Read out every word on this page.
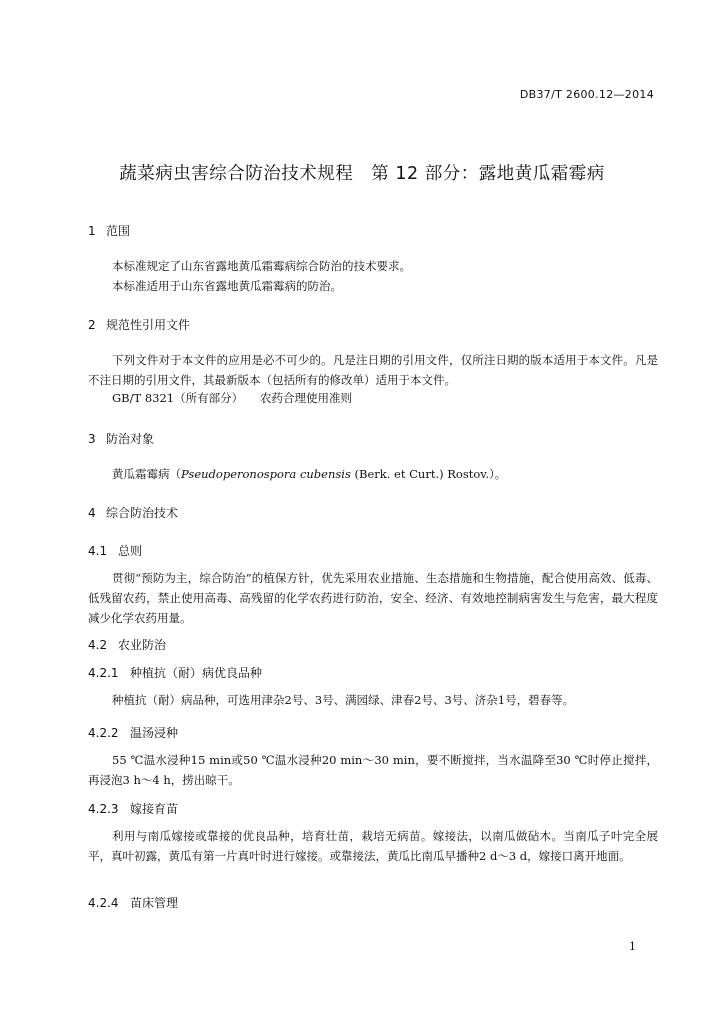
DB37/T 2600.12—2014
蔬菜病虫害综合防治技术规程　第 12 部分：露地黄瓜霜霉病
1 范围
本标准规定了山东省露地黄瓜霜霉病综合防治的技术要求。
本标准适用于山东省露地黄瓜霜霉病的防治。
2 规范性引用文件
下列文件对于本文件的应用是必不可少的。凡是注日期的引用文件，仅所注日期的版本适用于本文件。凡是不注日期的引用文件，其最新版本（包括所有的修改单）适用于本文件。
GB/T 8321（所有部分） 农药合理使用准则
3 防治对象
黄瓜霜霉病（Pseudoperonospora cubensis (Berk. et Curt.) Rostov.）。
4 综合防治技术
4.1 总则
贯彻“预防为主，综合防治”的植保方针，优先采用农业措施、生态措施和生物措施，配合使用高效、低毒、低残留农药，禁止使用高毒、高残留的化学农药进行防治，安全、经济、有效地控制病害发生与危害，最大程度减少化学农药用量。
4.2 农业防治
4.2.1 种植抗（耐）病优良品种
种植抗（耐）病品种，可选用津杂2号、3号、满园绿、津春2号、3号、济杂1号，碧春等。
4.2.2 温汤浸种
55 ℃温水浸种15 min或50 ℃温水浸种20 min～30 min，要不断搅拌，当水温降至30 ℃时停止搅拌，再浸泡3 h～4 h，捞出晾干。
4.2.3 嫁接育苗
利用与南瓜嫁接或靠接的优良品种，培育壮苗，栽培无病苗。嫁接法，以南瓜做砧木。当南瓜子叶完全展平，真叶初露，黄瓜有第一片真叶时进行嫁接。或靠接法，黄瓜比南瓜早播种2 d～3 d，嫁接口离开地面。
4.2.4 苗床管理
1
